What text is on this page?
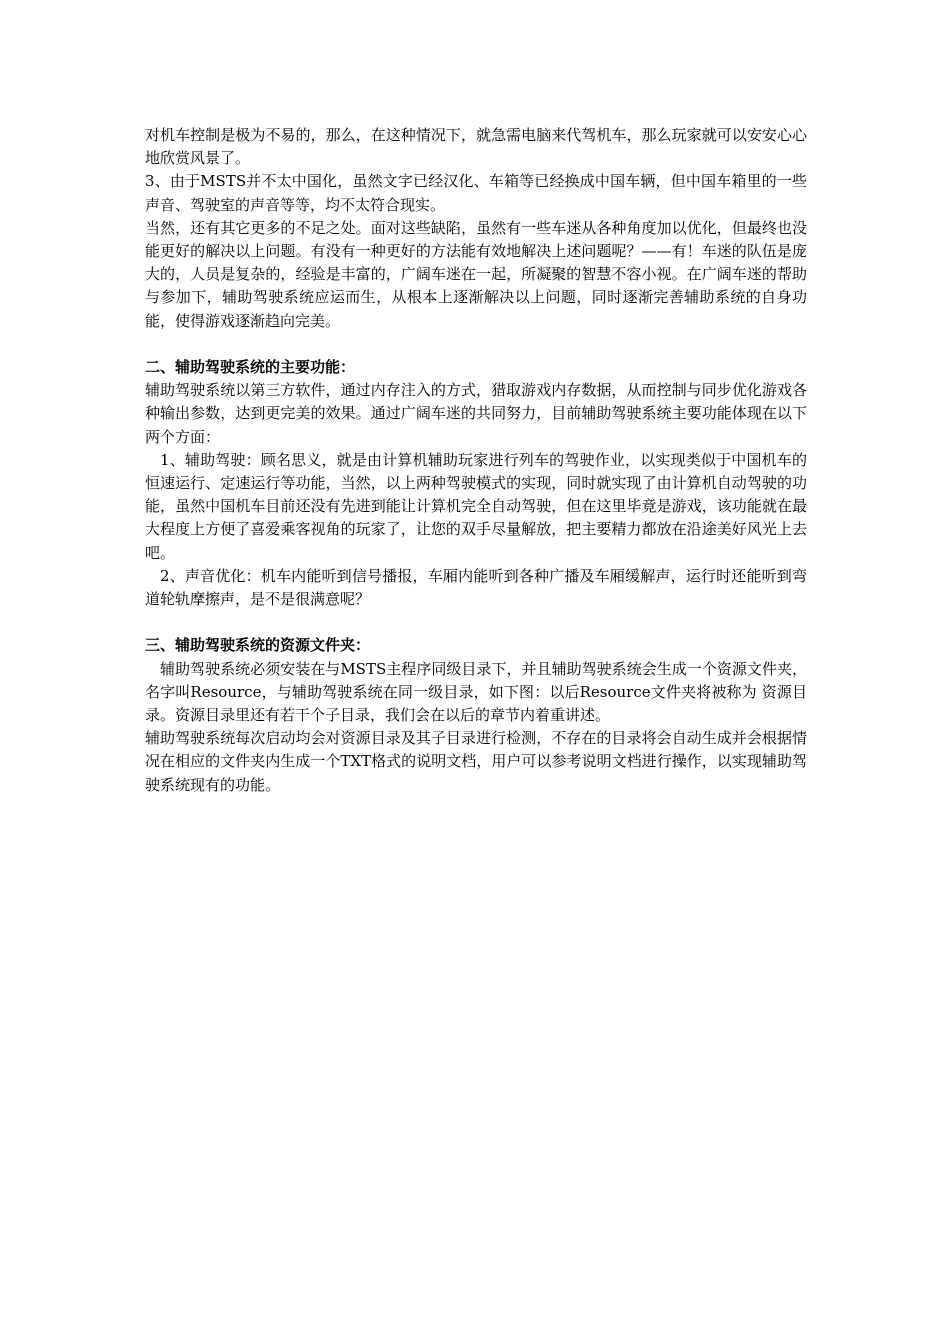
对机车控制是极为不易的，那么，在这种情况下，就急需电脑来代驾机车，那么玩家就可以安安心心地欣赏风景了。

3、由于MSTS并不太中国化，虽然文字已经汉化、车箱等已经换成中国车辆，但中国车箱里的一些声音、驾驶室的声音等等，均不太符合现实。

当然，还有其它更多的不足之处。面对这些缺陷，虽然有一些车迷从各种角度加以优化，但最终也没能更好的解决以上问题。有没有一种更好的方法能有效地解决上述问题呢？——有！车迷的队伍是庞大的，人员是复杂的，经验是丰富的，广阔车迷在一起，所凝聚的智慧不容小视。在广阔车迷的帮助与参加下，辅助驾驶系统应运而生，从根本上逐渐解决以上问题，同时逐渐完善辅助系统的自身功能，使得游戏逐渐趋向完美。

二、辅助驾驶系统的主要功能：

辅助驾驶系统以第三方软件，通过内存注入的方式，猎取游戏内存数据，从而控制与同步优化游戏各种输出参数，达到更完美的效果。通过广阔车迷的共同努力，目前辅助驾驶系统主要功能体现在以下两个方面：

1、辅助驾驶：顾名思义，就是由计算机辅助玩家进行列车的驾驶作业，以实现类似于中国机车的恒速运行、定速运行等功能，当然，以上两种驾驶模式的实现，同时就实现了由计算机自动驾驶的功能，虽然中国机车目前还没有先进到能让计算机完全自动驾驶，但在这里毕竟是游戏，该功能就在最大程度上方便了喜爱乘客视角的玩家了，让您的双手尽量解放，把主要精力都放在沿途美好风光上去吧。

2、声音优化：机车内能听到信号播报，车厢内能听到各种广播及车厢缓解声，运行时还能听到弯道轮轨摩擦声，是不是很满意呢？

三、辅助驾驶系统的资源文件夹：

辅助驾驶系统必须安装在与MSTS主程序同级目录下，并且辅助驾驶系统会生成一个资源文件夹，名字叫Resource，与辅助驾驶系统在同一级目录，如下图：以后Resource文件夹将被称为 资源目录。资源目录里还有若干个子目录，我们会在以后的章节内着重讲述。

辅助驾驶系统每次启动均会对资源目录及其子目录进行检测，不存在的目录将会自动生成并会根据情况在相应的文件夹内生成一个TXT格式的说明文档，用户可以参考说明文档进行操作，以实现辅助驾驶系统现有的功能。
